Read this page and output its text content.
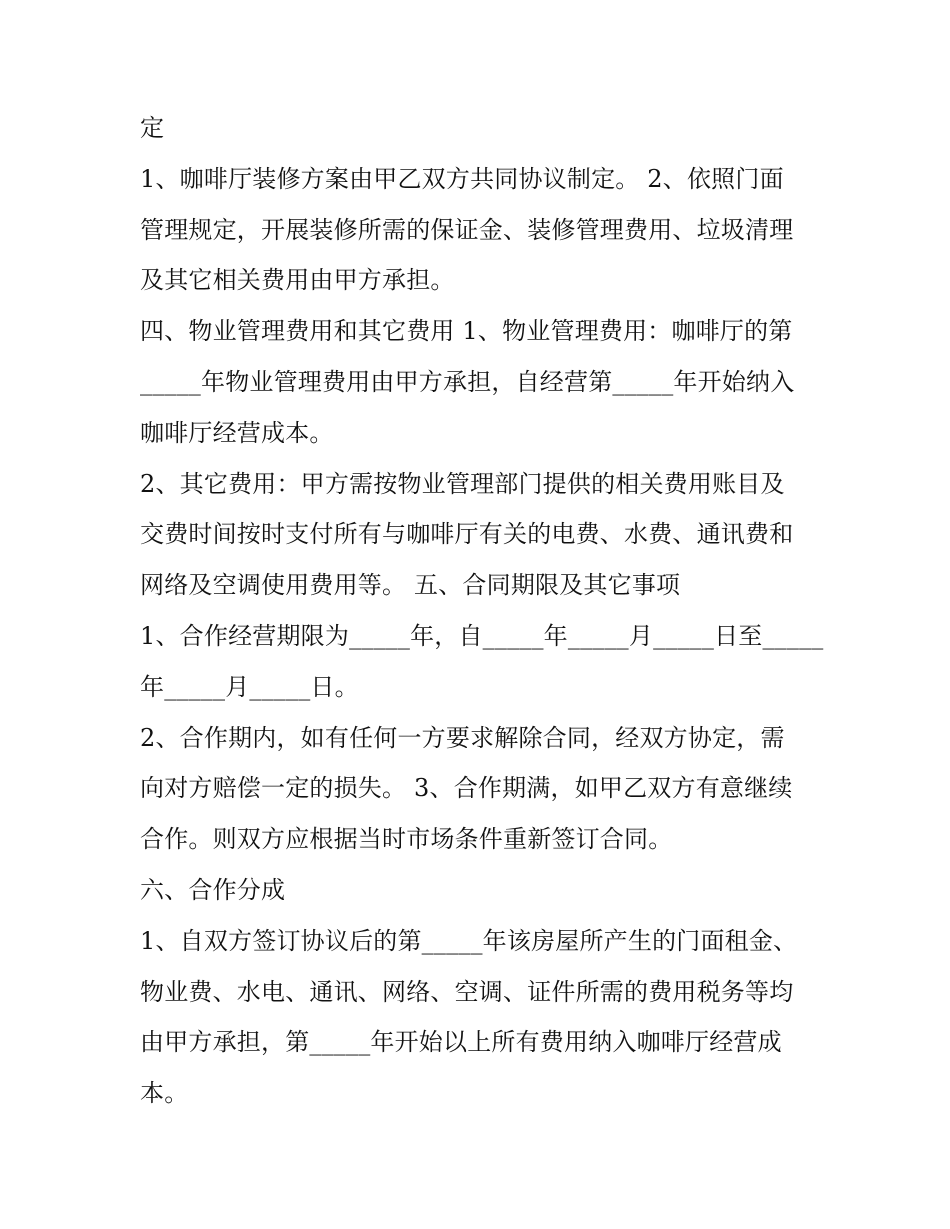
定
1、咖啡厅装修方案由甲乙双方共同协议制定。 2、依照门面
管理规定，开展装修所需的保证金、装修管理费用、垃圾清理
及其它相关费用由甲方承担。
四、物业管理费用和其它费用 1、物业管理费用：咖啡厅的第
_____年物业管理费用由甲方承担，自经营第_____年开始纳入
咖啡厅经营成本。
2、其它费用：甲方需按物业管理部门提供的相关费用账目及
交费时间按时支付所有与咖啡厅有关的电费、水费、通讯费和
网络及空调使用费用等。 五、合同期限及其它事项
1、合作经营期限为_____年，自_____年_____月_____日至_____
年_____月_____日。
2、合作期内，如有任何一方要求解除合同，经双方协定，需
向对方赔偿一定的损失。 3、合作期满，如甲乙双方有意继续
合作。则双方应根据当时市场条件重新签订合同。
六、合作分成
1、自双方签订协议后的第_____年该房屋所产生的门面租金、
物业费、水电、通讯、网络、空调、证件所需的费用税务等均
由甲方承担，第_____年开始以上所有费用纳入咖啡厅经营成
本。
